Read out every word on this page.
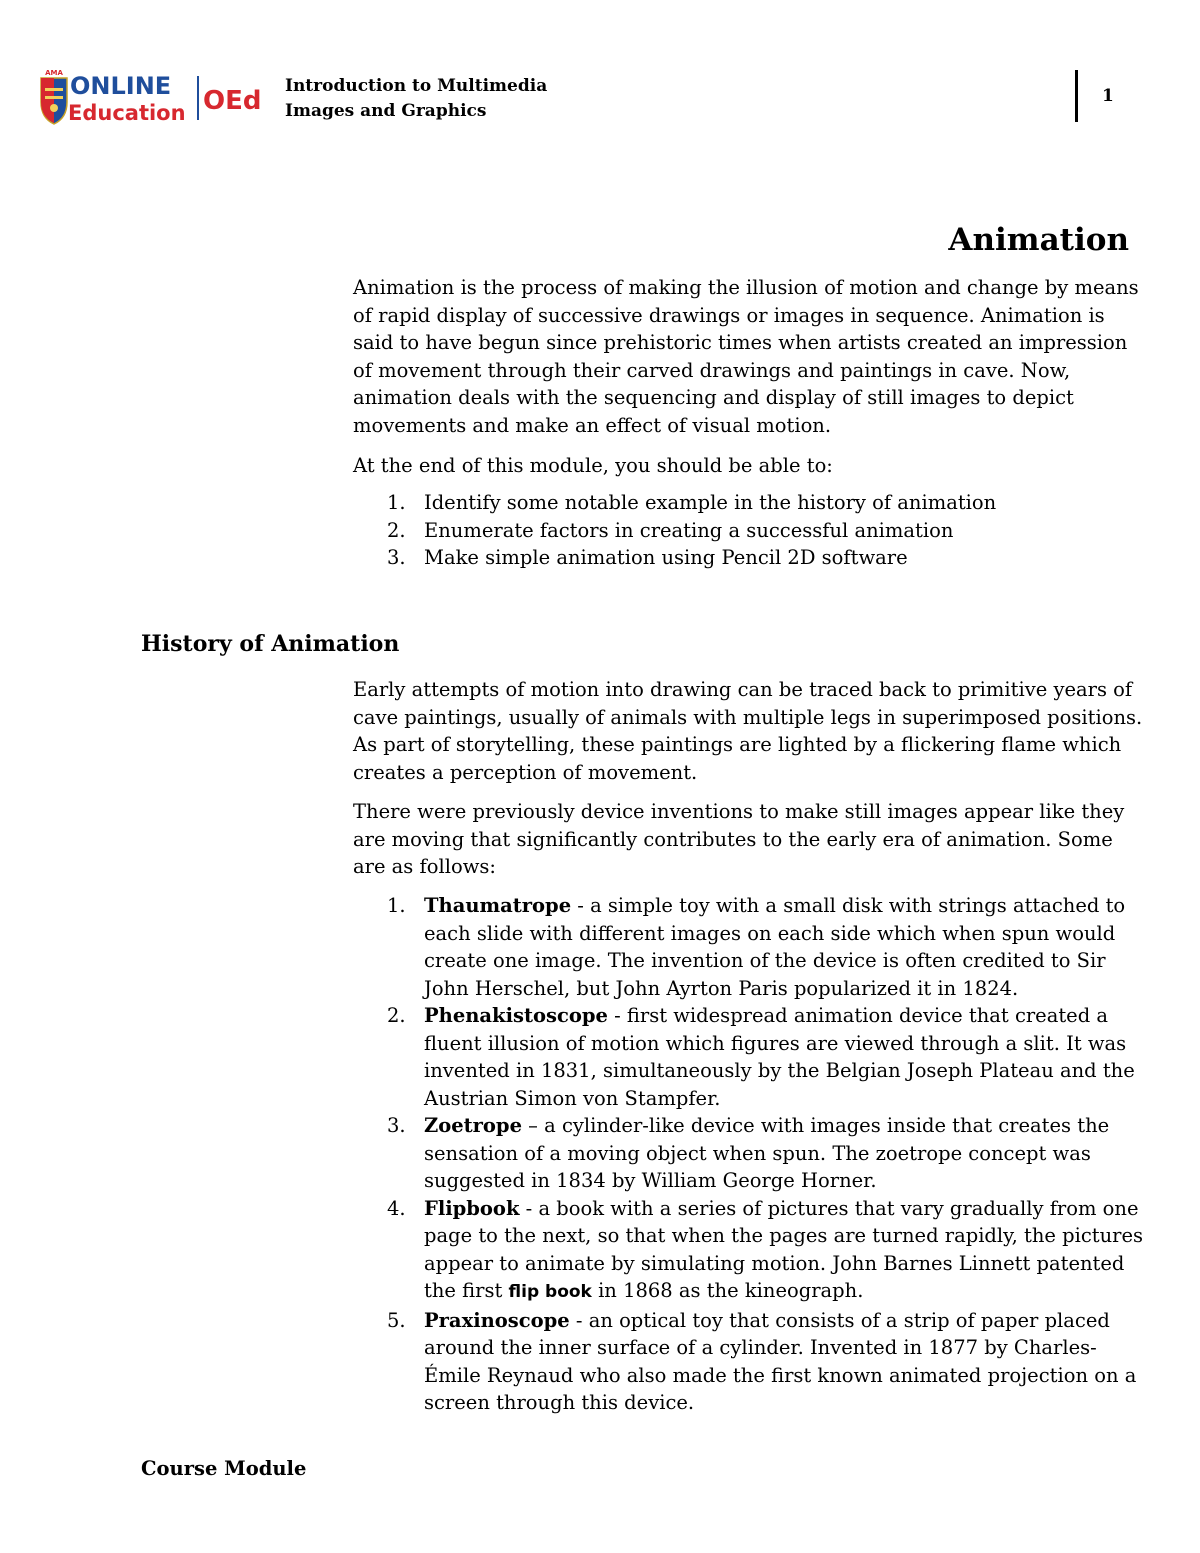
AMA ONLINE
Education OEd Introduction to Multimedia
Images and Graphics
1
Animation

Animation is the process of making the illusion of motion and change by means of rapid display of successive drawings or images in sequence. Animation is said to have begun since prehistoric times when artists created an impression of movement through their carved drawings and paintings in cave. Now, animation deals with the sequencing and display of still images to depict movements and make an effect of visual motion.

At the end of this module, you should be able to:

1. Identify some notable example in the history of animation
2. Enumerate factors in creating a successful animation
3. Make simple animation using Pencil 2D software
History of Animation

Early attempts of motion into drawing can be traced back to primitive years of cave paintings, usually of animals with multiple legs in superimposed positions. As part of storytelling, these paintings are lighted by a flickering flame which creates a perception of movement.

There were previously device inventions to make still images appear like they are moving that significantly contributes to the early era of animation. Some are as follows:

1. Thaumatrope - a simple toy with a small disk with strings attached to each slide with different images on each side which when spun would create one image. The invention of the device is often credited to Sir John Herschel, but John Ayrton Paris popularized it in 1824.
2. Phenakistoscope - first widespread animation device that created a fluent illusion of motion which figures are viewed through a slit. It was invented in 1831, simultaneously by the Belgian Joseph Plateau and the Austrian Simon von Stampfer.
3. Zoetrope – a cylinder-like device with images inside that creates the sensation of a moving object when spun. The zoetrope concept was suggested in 1834 by William George Horner.
4. Flipbook - a book with a series of pictures that vary gradually from one page to the next, so that when the pages are turned rapidly, the pictures appear to animate by simulating motion. John Barnes Linnett patented the first flip book in 1868 as the kineograph.
5. Praxinoscope - an optical toy that consists of a strip of paper placed around the inner surface of a cylinder. Invented in 1877 by Charles-Émile Reynaud who also made the first known animated projection on a screen through this device.
Course Module
